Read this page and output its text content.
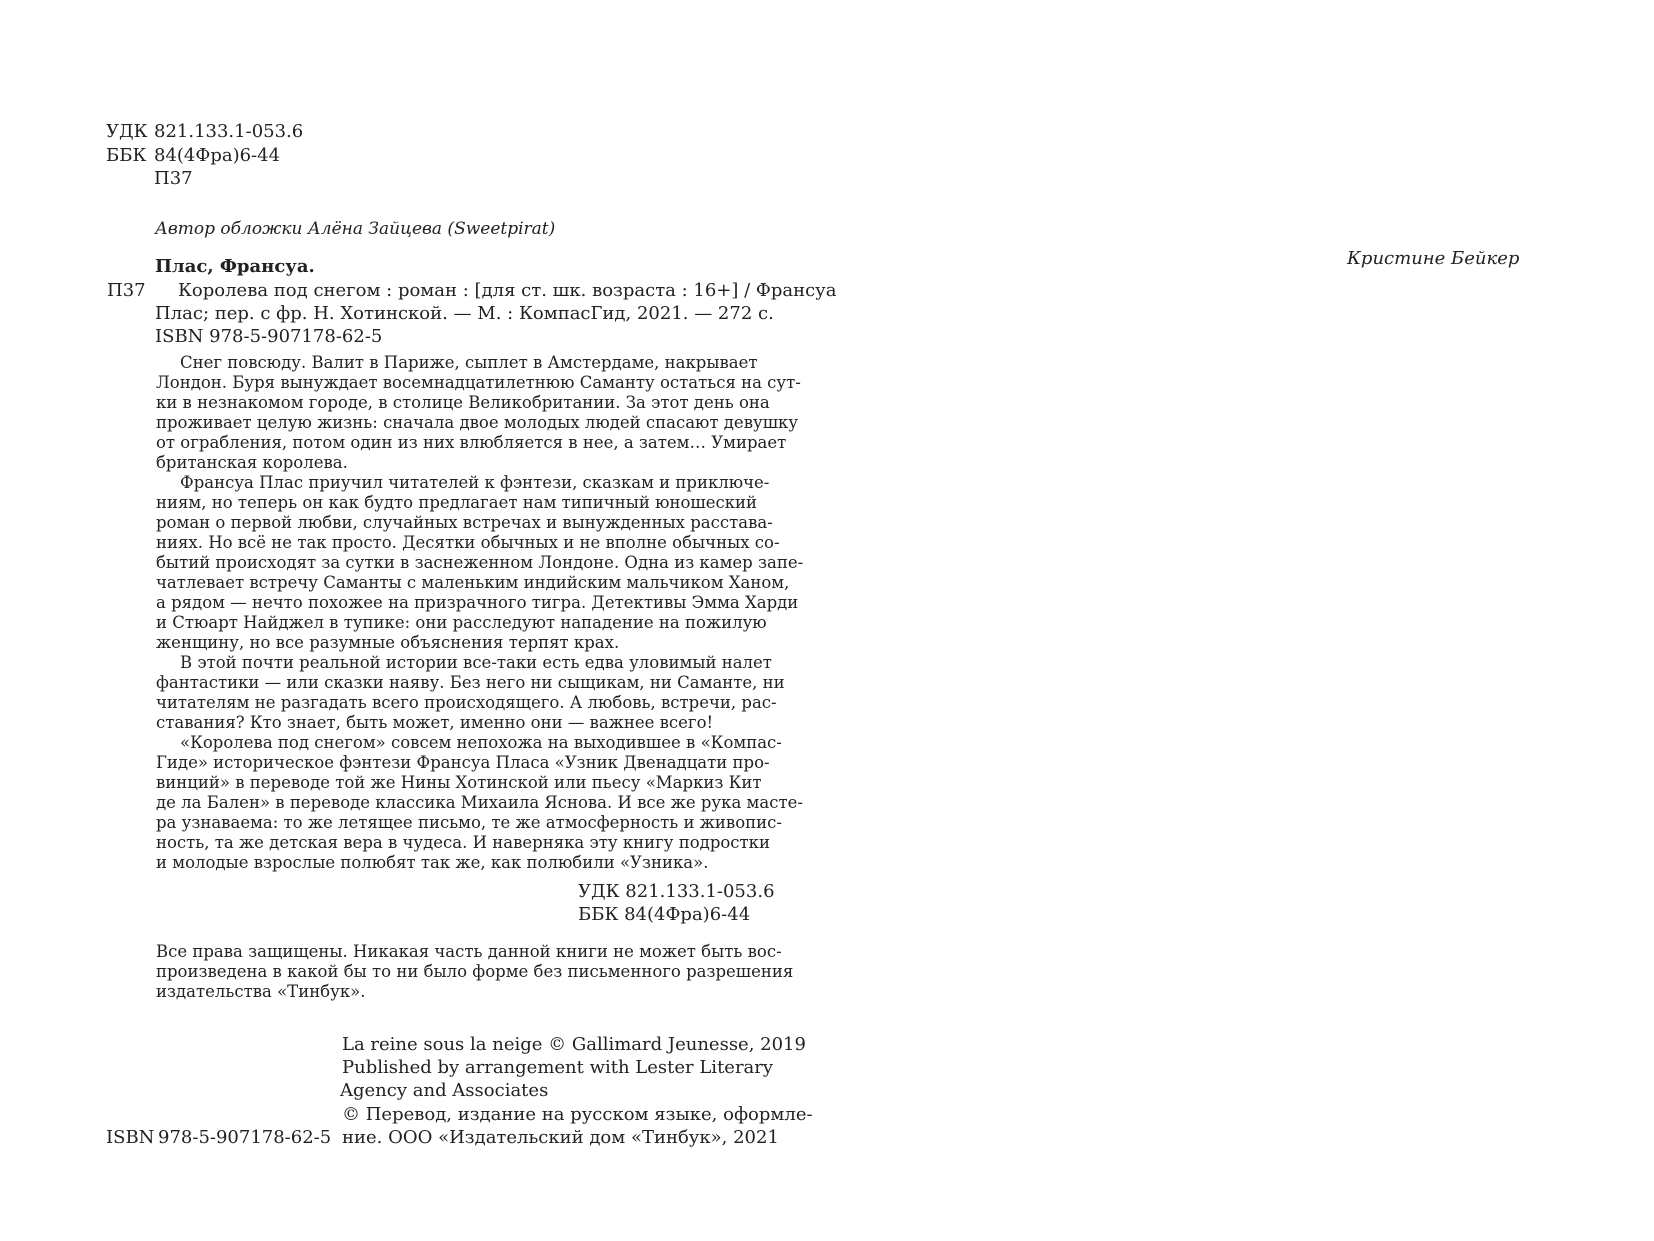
УДК 821.133.1-053.6
ББК 84(4Фра)6-44
П37
Автор обложки Алёна Зайцева (Sweetpirat)
Кристине Бейкер
Плас, Франсуа.
П37 Королева под снегом : роман : [для ст. шк. возраста : 16+] / Франсуа
Плас; пер. с фр. Н. Хотинской. — М. : КомпасГид, 2021. — 272 с.
ISBN 978-5-907178-62-5
Снег повсюду. Валит в Париже, сыплет в Амстердаме, накрывает
Лондон. Буря вынуждает восемнадцатилетнюю Саманту остаться на сут-
ки в незнакомом городе, в столице Великобритании. За этот день она
проживает целую жизнь: сначала двое молодых людей спасают девушку
от ограбления, потом один из них влюбляется в нее, а затем… Умирает
британская королева.
Франсуа Плас приучил читателей к фэнтези, сказкам и приключе-
ниям, но теперь он как будто предлагает нам типичный юношеский
роман о первой любви, случайных встречах и вынужденных расстава-
ниях. Но всё не так просто. Десятки обычных и не вполне обычных со-
бытий происходят за сутки в заснеженном Лондоне. Одна из камер запе-
чатлевает встречу Саманты с маленьким индийским мальчиком Ханом,
а рядом — нечто похожее на призрачного тигра. Детективы Эмма Харди
и Стюарт Найджел в тупике: они расследуют нападение на пожилую
женщину, но все разумные объяснения терпят крах.
В этой почти реальной истории все-таки есть едва уловимый налет
фантастики — или сказки наяву. Без него ни сыщикам, ни Саманте, ни
читателям не разгадать всего происходящего. А любовь, встречи, рас-
ставания? Кто знает, быть может, именно они — важнее всего!
«Королева под снегом» совсем непохожа на выходившее в «Компас-
Гиде» историческое фэнтези Франсуа Пласа «Узник Двенадцати про-
винций» в переводе той же Нины Хотинской или пьесу «Маркиз Кит
де ла Бален» в переводе классика Михаила Яснова. И все же рука масте-
ра узнаваема: то же летящее письмо, те же атмосферность и живопис-
ность, та же детская вера в чудеса. И наверняка эту книгу подростки
и молодые взрослые полюбят так же, как полюбили «Узника».
УДК 821.133.1-053.6
ББК 84(4Фра)6-44
Все права защищены. Никакая часть данной книги не может быть вос-
произведена в какой бы то ни было форме без письменного разрешения
издательства «Тинбук».
La reine sous la neige © Gallimard Jeunesse, 2019
Published by arrangement with Lester Literary
Agency and Associates
© Перевод, издание на русском языке, оформле-
ние. ООО «Издательский дом «Тинбук», 2021
ISBN 978-5-907178-62-5
